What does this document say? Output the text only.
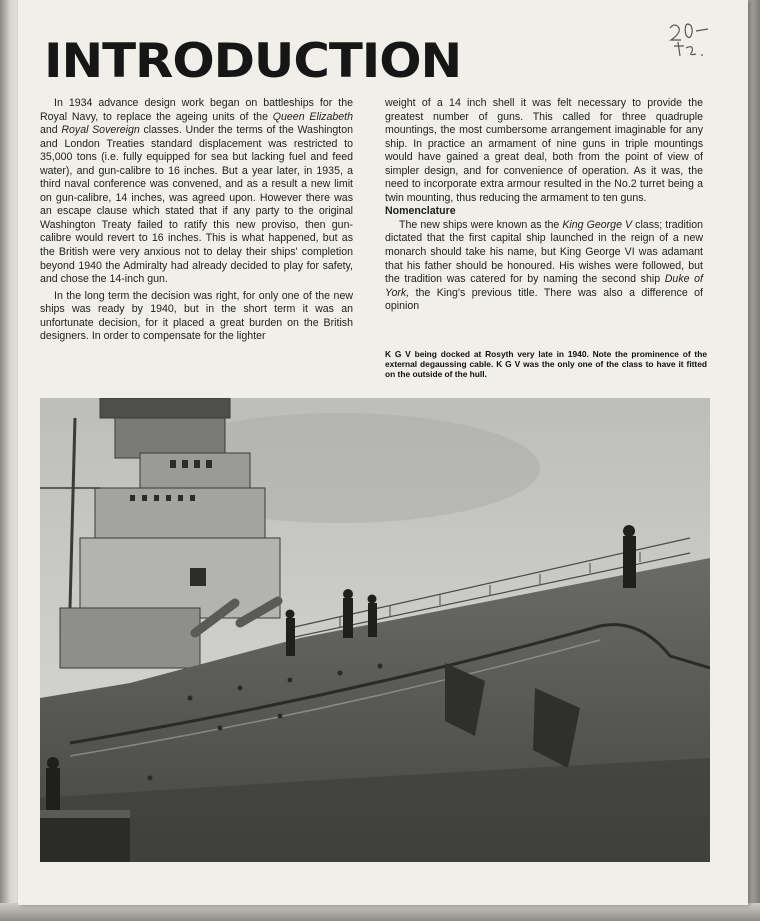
INTRODUCTION

In 1934 advance design work began on battleships for the Royal Navy, to replace the ageing units of the Queen Elizabeth and Royal Sovereign classes. Under the terms of the Washington and London Treaties standard displacement was restricted to 35,000 tons (i.e. fully equipped for sea but lacking fuel and feed water), and gun-calibre to 16 inches. But a year later, in 1935, a third naval conference was convened, and as a result a new limit on gun-calibre, 14 inches, was agreed upon. However there was an escape clause which stated that if any party to the original Washington Treaty failed to ratify this new proviso, then gun-calibre would revert to 16 inches. This is what happened, but as the British were very anxious not to delay their ships' completion beyond 1940 the Admiralty had already decided to play for safety, and chose the 14-inch gun.

In the long term the decision was right, for only one of the new ships was ready by 1940, but in the short term it was an unfortunate decision, for it placed a great burden on the British designers. In order to compensate for the lighter

weight of a 14 inch shell it was felt necessary to provide the greatest number of guns. This called for three quadruple mountings, the most cumbersome arrangement imaginable for any ship. In practice an armament of nine guns in triple mountings would have gained a great deal, both from the point of view of simpler design, and for convenience of operation. As it was, the need to incorporate extra armour resulted in the No.2 turret being a twin mounting, thus reducing the armament to ten guns.

Nomenclature

The new ships were known as the King George V class; tradition dictated that the first capital ship launched in the reign of a new monarch should take his name, but King George VI was adamant that his father should be honoured. His wishes were followed, but the tradition was catered for by naming the second ship Duke of York, the King's previous title. There was also a difference of opinion

K G V being docked at Rosyth very late in 1940. Note the prominence of the external degaussing cable. K G V was the only one of the class to have it fitted on the outside of the hull.
